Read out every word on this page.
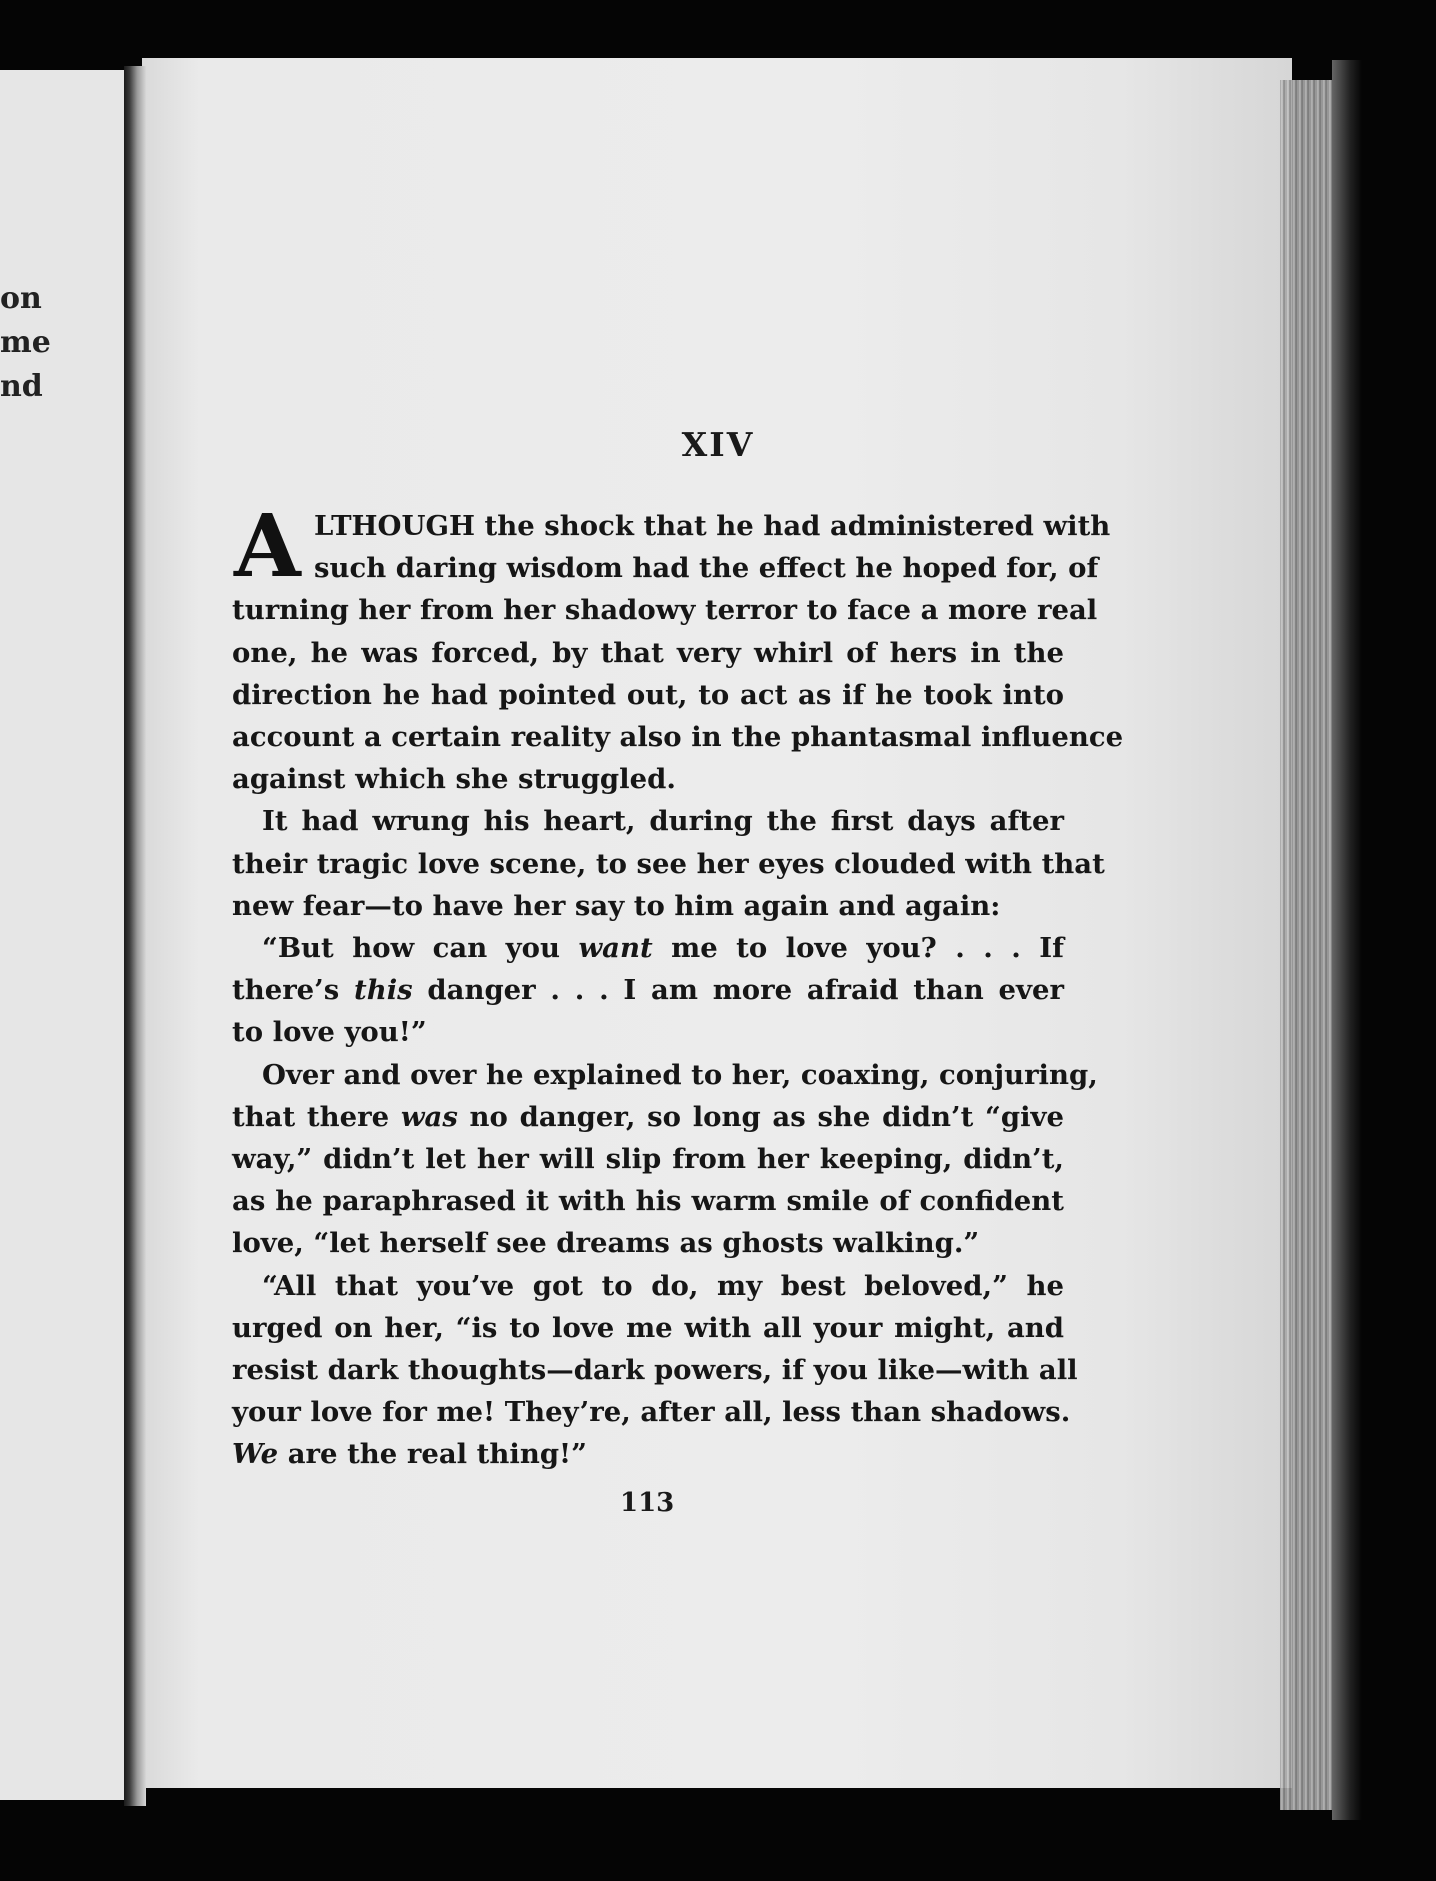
on
me
nd
XIV
A LTHOUGH the shock that he had administered with
such daring wisdom had the effect he hoped for, of
turning her from her shadowy terror to face a more real
one, he was forced, by that very whirl of hers in the
direction he had pointed out, to act as if he took into
account a certain reality also in the phantasmal influence
against which she struggled.
It had wrung his heart, during the first days after
their tragic love scene, to see her eyes clouded with that
new fear—to have her say to him again and again:
“But how can you want me to love you? . . . If
there’s this danger . . . I am more afraid than ever
to love you!”
Over and over he explained to her, coaxing, conjuring,
that there was no danger, so long as she didn’t “give
way,” didn’t let her will slip from her keeping, didn’t,
as he paraphrased it with his warm smile of confident
love, “let herself see dreams as ghosts walking.”
“All that you’ve got to do, my best beloved,” he
urged on her, “is to love me with all your might, and
resist dark thoughts—dark powers, if you like—with all
your love for me! They’re, after all, less than shadows.
We are the real thing!”
113
